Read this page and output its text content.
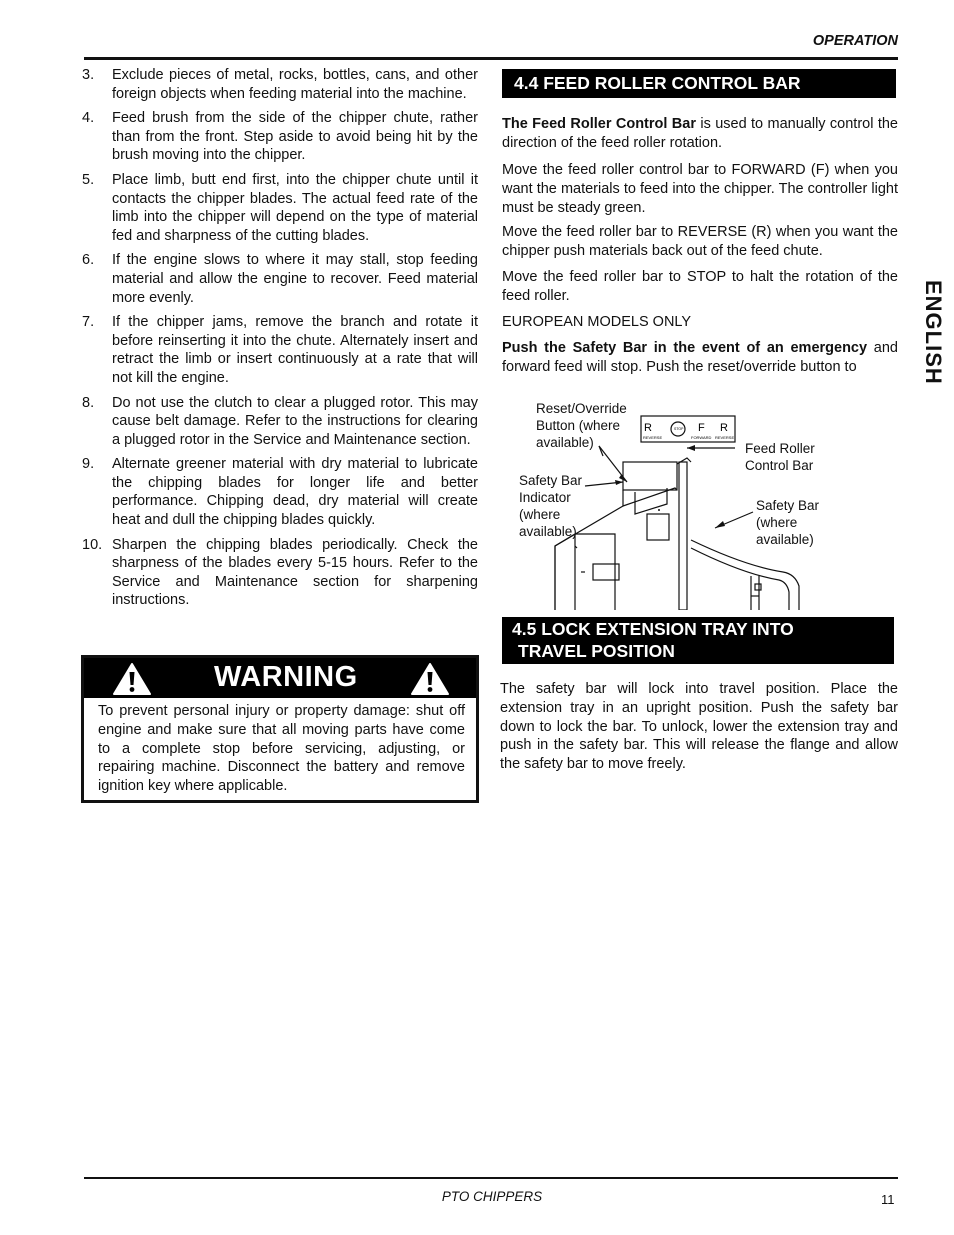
OPERATION
3.	Exclude pieces of metal, rocks, bottles, cans, and other foreign objects when feeding material into the machine.
4.	Feed brush from the side of the chipper chute, rather than from the front. Step aside to avoid being hit by the brush moving into the chipper.
5.	Place limb, butt end first, into the chipper chute until it contacts the chipper blades. The actual feed rate of the limb into the chipper will depend on the type of material fed and sharpness of the cutting blades.
6.	If the engine slows to where it may stall, stop feeding material and allow the engine to recover. Feed material more evenly.
7.	If the chipper jams, remove the branch and rotate it before reinserting it into the chute. Alternately insert and retract the limb or insert continuously at a rate that will not kill the engine.
8.	Do not use the clutch to clear a plugged rotor. This may cause belt damage. Refer to the instructions for clearing a plugged rotor in the Service and Maintenance section.
9.	Alternate greener material with dry material to lubricate the chipping blades for longer life and better performance. Chipping dead, dry material will create heat and dull the chipping blades quickly.
10. Sharpen the chipping blades periodically. Check the sharpness of the blades every 5-15 hours. Refer to the Service and Maintenance section for sharpening instructions.
WARNING
To prevent personal injury or property damage: shut off engine and make sure that all moving parts have come to a complete stop before servicing, adjusting, or repairing machine. Disconnect the battery and remove ignition key where applicable.
4.4 FEED ROLLER CONTROL BAR

The Feed Roller Control Bar is used to manually control the direction of the feed roller rotation.

Move the feed roller control bar to FORWARD (F) when you want the materials to feed into the chipper. The controller light must be steady green.

Move the feed roller bar to REVERSE (R) when you want the chipper push materials back out of the feed chute.

Move the feed roller bar to STOP to halt the rotation of the feed roller.

EUROPEAN MODELS ONLY

Push the Safety Bar in the event of an emergency and forward feed will stop. Push the reset/override button to	ENGLISH
R	F R
REVERSE	FORWARD REVERSE
STOP
Reset/Override
Button (where
available)	Feed Roller
Control Bar
Safety Bar
Indicator
(where
available)
Safety Bar
(where
available)
4.5 LOCK EXTENSION TRAY INTO
TRAVEL POSITION

The safety bar will lock into travel position. Place the extension tray in an upright position. Push the safety bar down to lock the bar. To unlock, lower the extension tray and push in the safety bar. This will release the flange and allow the safety bar to move freely.

PTO CHIPPERS	11
